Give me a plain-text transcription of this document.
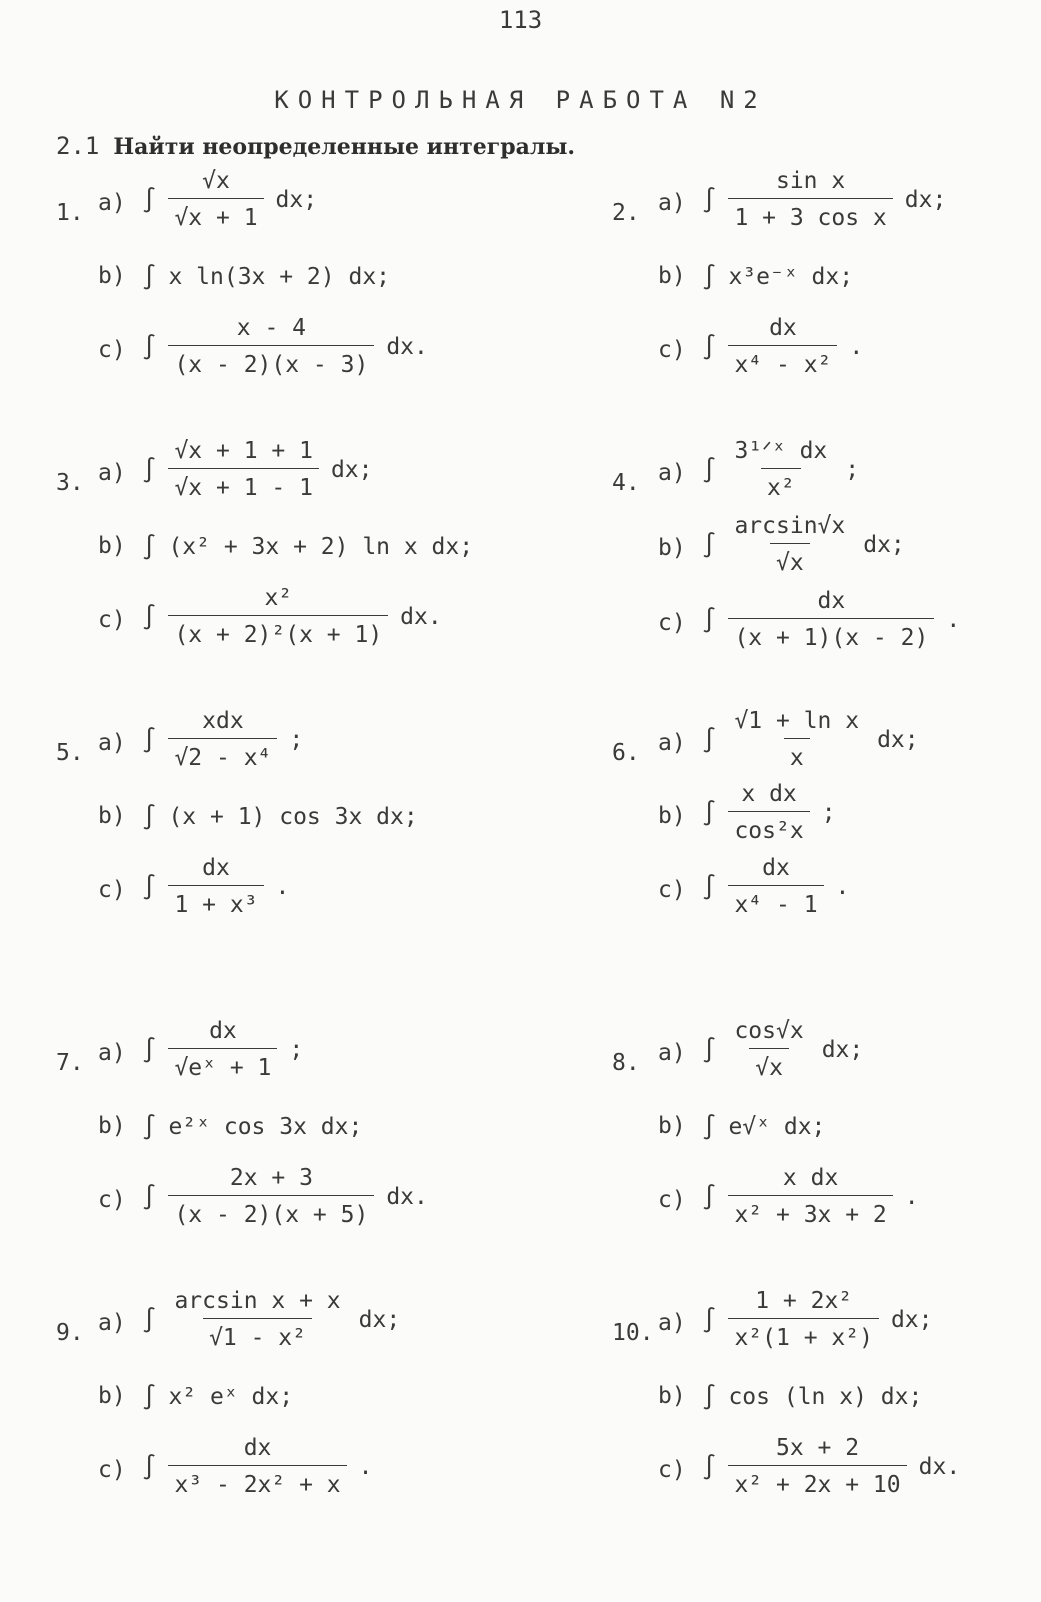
113
КОНТРОЛЬНАЯ РАБОТА N2
2.1 Найти неопределенные интегралы.
1. a) ∫ $\frac{√x}{√x + 1}$ dx;
b) ∫ x ln(3x + 2) dx;
c) ∫ $\frac{x - 4}{(x - 2)(x - 3)}$ dx.
2. a) ∫ $\frac{\text{sin x}}{\text{1 + 3 cos x}}$ dx;
b) ∫ x³e⁻ˣ dx;
c) ∫ $\frac{dx}{\text{x⁴ - x²}}$ .
3. a) ∫ $\frac{√x + 1 + 1}{√x + 1 - 1}$ dx;
b) ∫ (x² + 3x + 2) ln x dx;
c) ∫ $\frac{\text{x²}}{\text{(x + 2)²(x + 1)}}$ dx.
4. a) ∫ $\frac{\text{3¹ᐟˣ dx}}{\text{x²}}$ ;
b) ∫ $\frac{\arcsin√x}{√x}$ dx;
c) ∫ $\frac{dx}{(x + 1)(x - 2)}$ .
5. a) ∫ $\frac{\text{xdx}}{\text{√2 - x⁴}}$ ;
b) ∫ (x + 1) cos 3x dx;
c) ∫ $\frac{dx}{\text{1 + x³}}$ .
6. a) ∫ $\frac{\text{√1 + ln x}}{x}$ dx;
b) ∫ $\frac{\text{x dx}}{\text{cos²x}}$ ;
c) ∫ $\frac{dx}{\text{x⁴ - 1}}$ .
7. a) ∫ $\frac{dx}{\text{√eˣ + 1}}$ ;
b) ∫ e²ˣ cos 3x dx;
c) ∫ $\frac{2x + 3}{(x - 2)(x + 5)}$ dx.
8. a) ∫ $\frac{\cos√x}{√x}$ dx;
b) ∫ e√ˣ dx;
c) ∫ $\frac{\text{x dx}}{\text{x² + 3x + 2}}$ .
9. a) ∫ $\frac{\text{arcsin x + x}}{\text{√1 - x²}}$ dx;
b) ∫ x² eˣ dx;
c) ∫ $\frac{dx}{\text{x³ - 2x² + x}}$ .
10. a) ∫ $\frac{\text{1 + 2x²}}{\text{x²(1 + x²)}}$ dx;
b) ∫ cos (ln x) dx;
c) ∫ $\frac{5x + 2}{\text{x² + 2x + 10}}$ dx.
